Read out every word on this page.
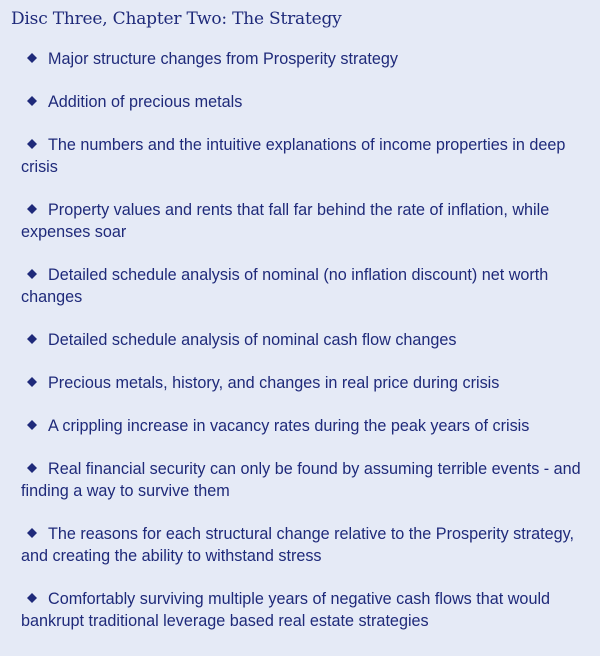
Disc Three, Chapter Two: The Strategy
Major structure changes from Prosperity strategy
Addition of precious metals
The numbers and the intuitive explanations of income properties in deep crisis
Property values and rents that fall far behind the rate of inflation, while expenses soar
Detailed schedule analysis of nominal (no inflation discount) net worth changes
Detailed schedule analysis of nominal cash flow changes
Precious metals, history, and changes in real price during crisis
A crippling increase in vacancy rates during the peak years of crisis
Real financial security can only be found by assuming terrible events - and finding a way to survive them
The reasons for each structural change relative to the Prosperity strategy, and creating the ability to withstand stress
Comfortably surviving multiple years of negative cash flows that would bankrupt traditional leverage based real estate strategies
